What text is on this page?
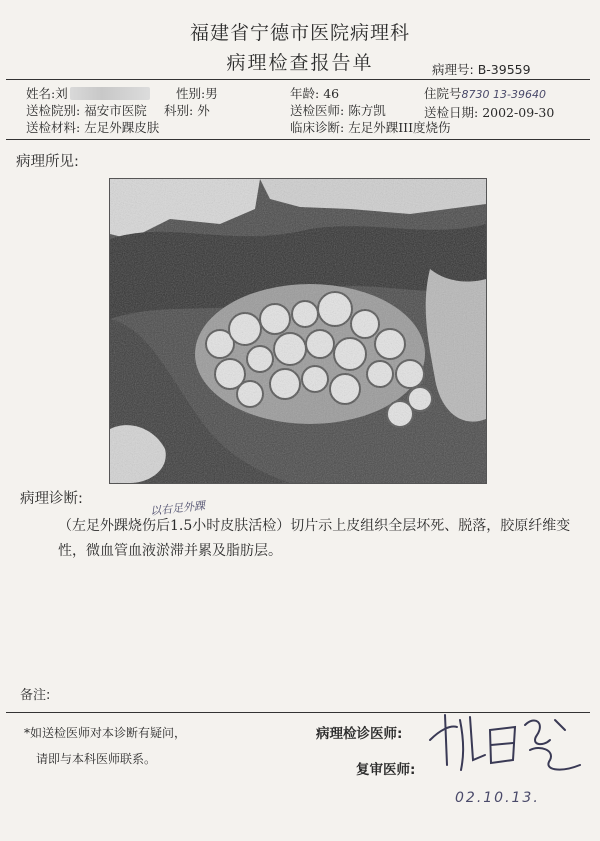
福建省宁德市医院病理科
病理检查报告单	病理号: B-39559
姓名:刘	性别:男	年龄: 46	住院号8730 13-39640
送检院别: 福安市医院 科别: 外	送检医师: 陈方凯	送检日期: 2002-09-30
送检材料: 左足外踝皮肤	临床诊断: 左足外踝III度烧伤
病理所见:
病理诊断:
以右足外踝
（左足外踝烧伤后1.5小时皮肤活检）切片示上皮组织全层坏死、脱落，胶原纤维变性，微血管血液淤滞并累及脂肪层。
备注:
*如送检医师对本诊断有疑问，
请即与本科医师联系。
病理检诊医师:
复审医师:
02.10.13.
